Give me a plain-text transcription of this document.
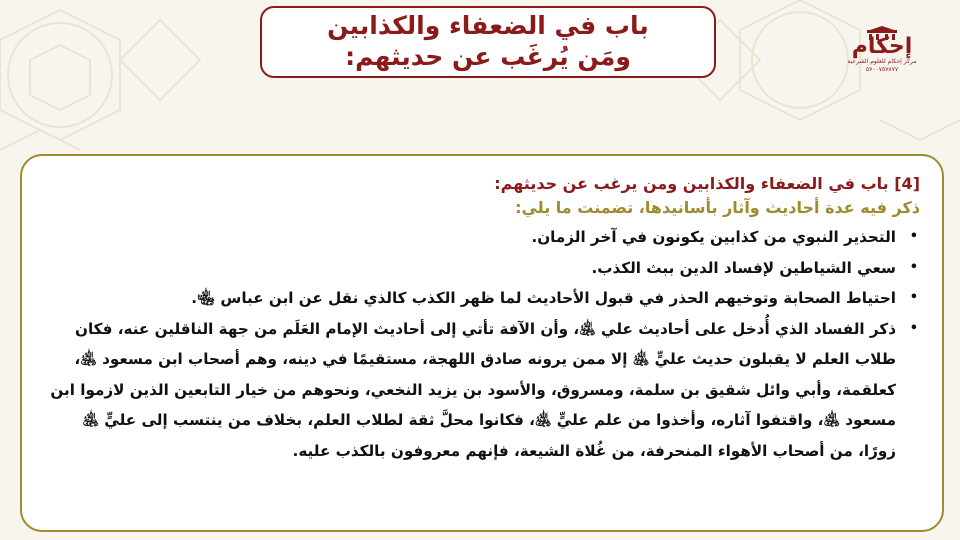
باب في الضعفاء والكذابين
ومَن يُرغَب عن حديثهم:	إحكام
مركز إحكام للعلوم الشرعية
٥٧٠٠٧٥٧٨٧٧
[4] باب في الضعفاء والكذابين ومن يرغب عن حديثهم:
ذكر فيه عدة أحاديث وآثار بأسانيدها، تضمنت ما يلي:
•
التحذير النبوي من كذابين يكونون في آخر الزمان.
•
سعي الشياطين لإفساد الدين ببث الكذب.
•
احتياط الصحابة وتوخيهم الحذر في قبول الأحاديث لما ظهر الكذب كالذي نقل عن ابن عباس ﵄.
•
ذكر الفساد الذي أُدخل على أحاديث علي ﵁، وأن الآفة تأتي إلى أحاديث الإمام العَلَم من جهة الناقلين عنه، فكان طلاب العلم لا يقبلون حديث عليٍّ ﵁ إلا ممن يرونه صادق اللهجة، مستقيمًا في دينه، وهم أصحاب ابن مسعود ﵁، كعلقمة، وأبي وائل شقيق بن سلمة، ومسروق، والأسود بن يزيد النخعي، ونحوهم من خيار التابعين الذين لازموا ابن مسعود ﵁، واقتفوا آثاره، وأخذوا من علم عليٍّ ﵁، فكانوا محلَّ ثقة لطلاب العلم، بخلاف من ينتسب إلى عليٍّ ﵁ زورًا، من أصحاب الأهواء المنحرفة، من غُلاة الشيعة، فإنهم معروفون بالكذب عليه.
